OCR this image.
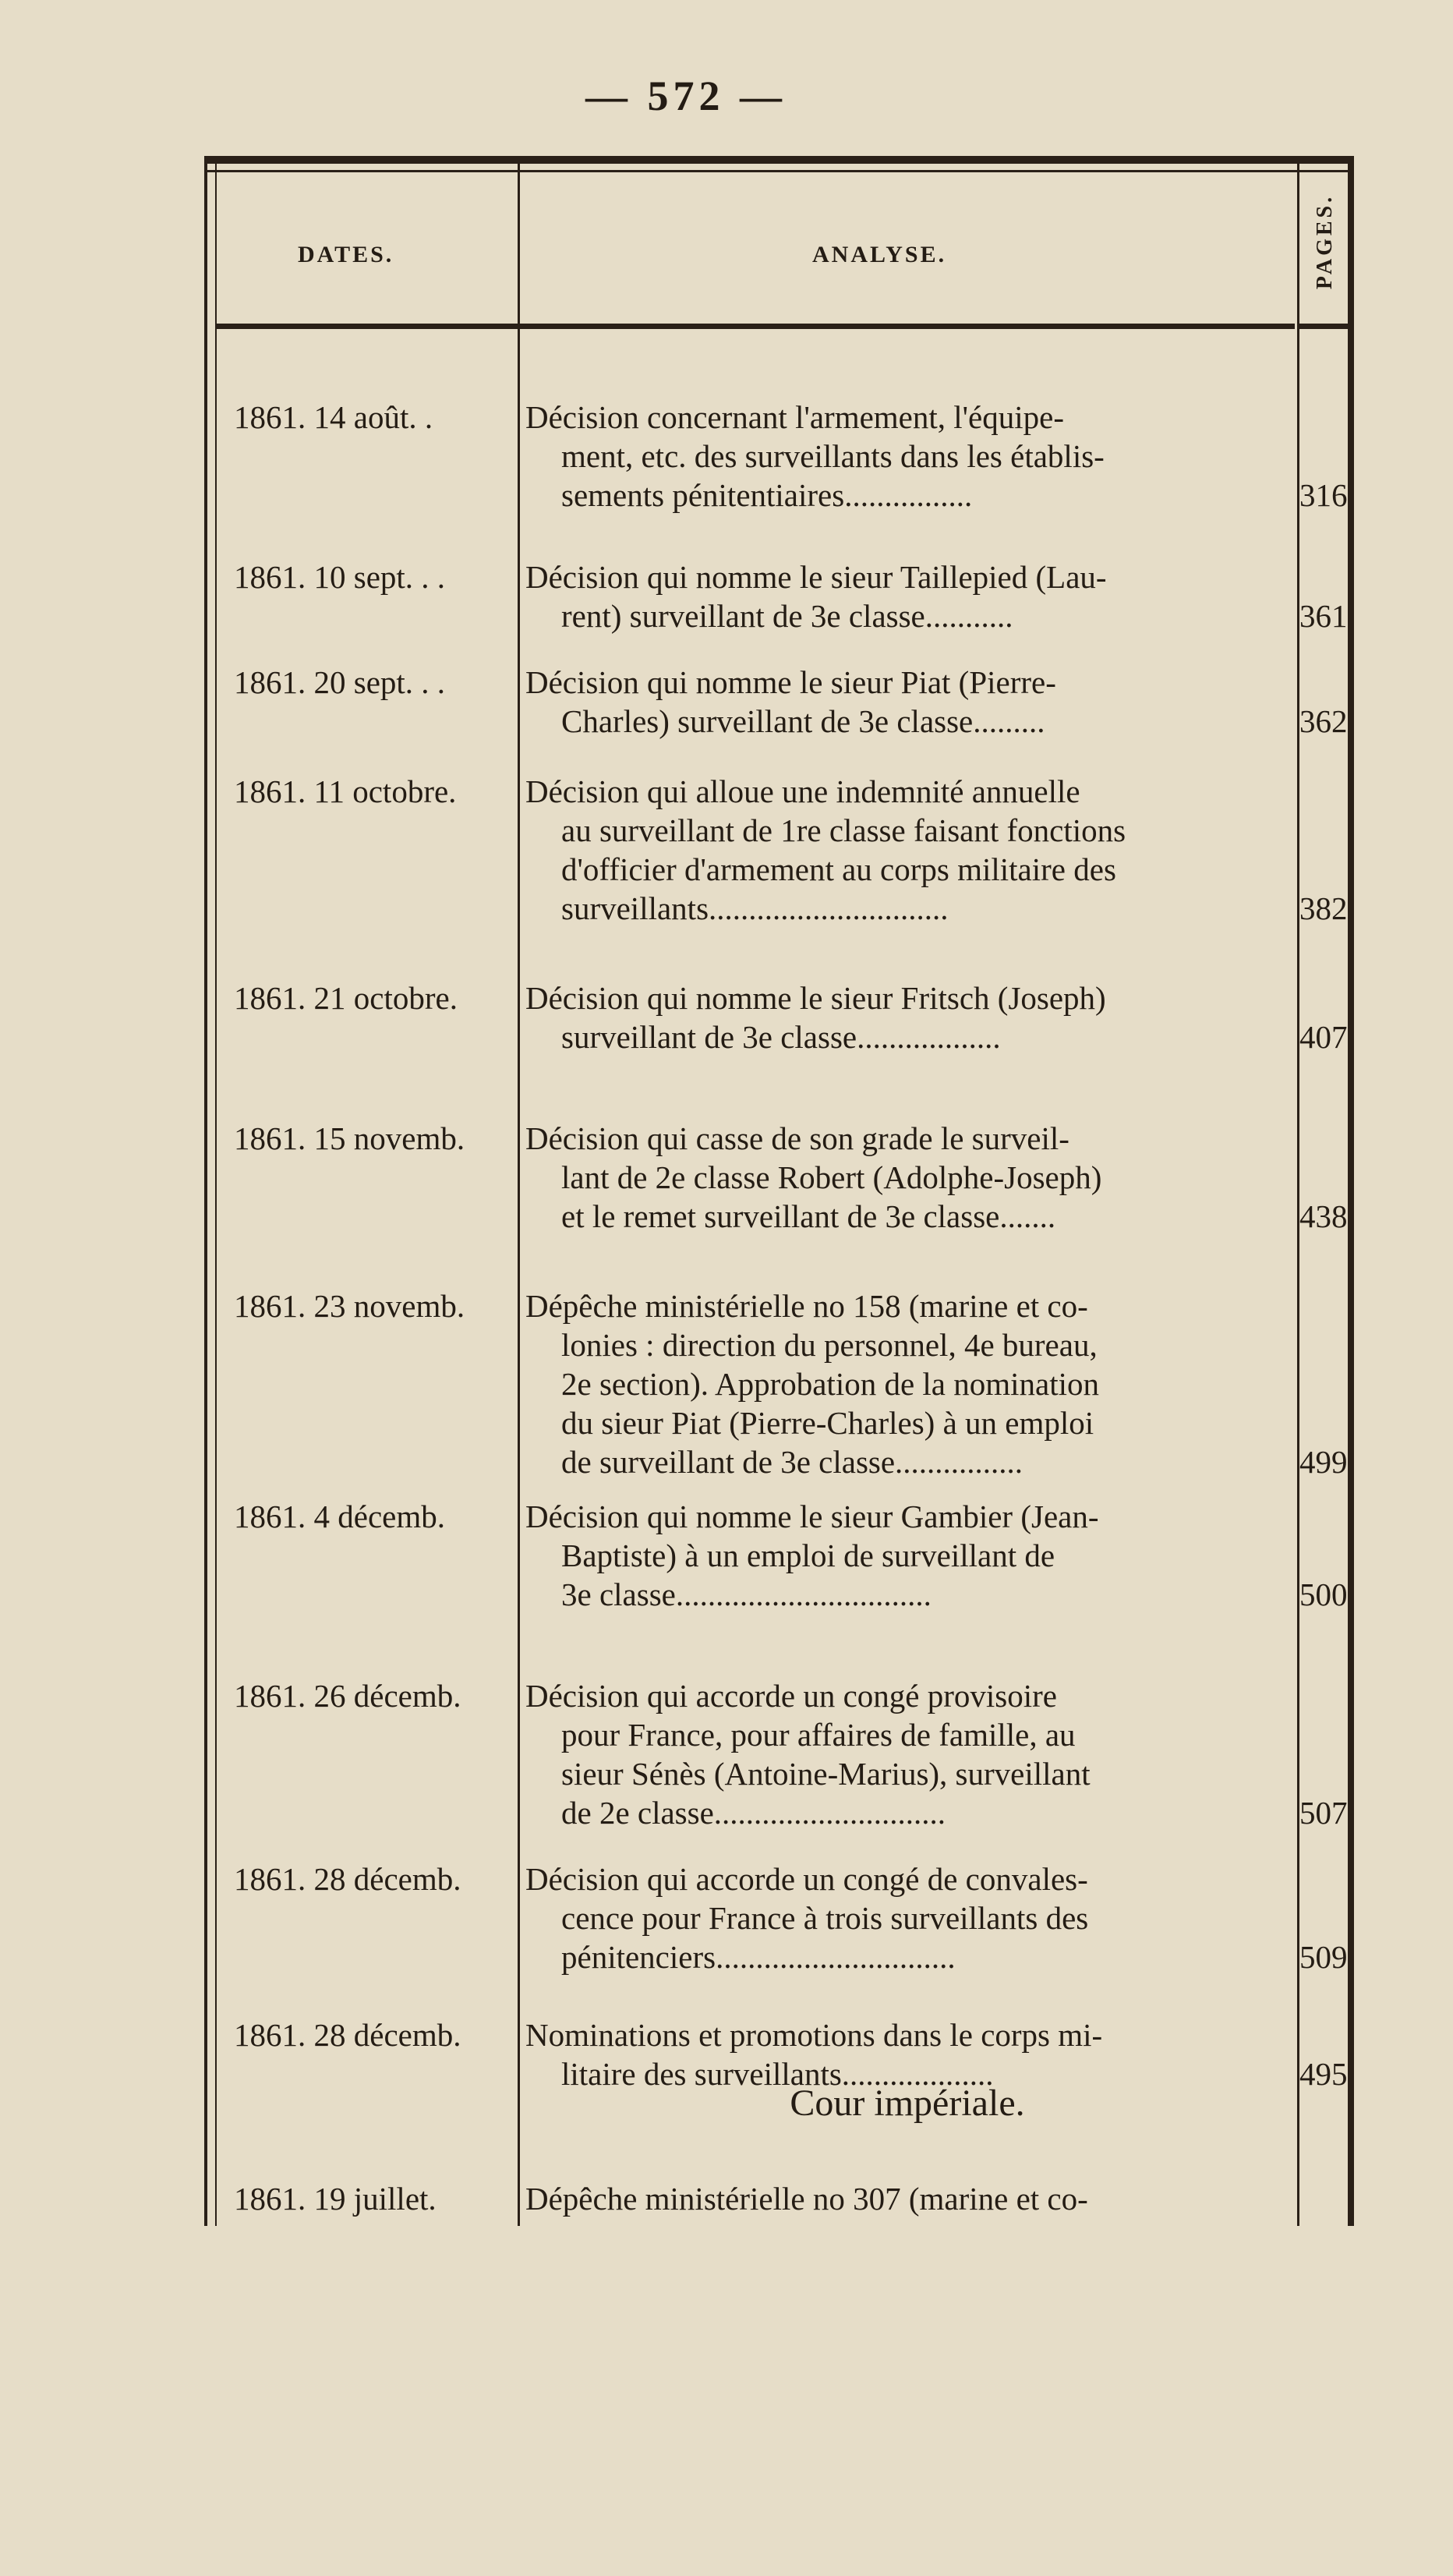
— 572 —
DATES.	ANALYSE.	PAGES.
1861. 14 août. .	Décision concernant l'armement, l'équipe-
ment, etc. des surveillants dans les établis-
sements pénitentiaires................	316
1861. 10 sept. . .	Décision qui nomme le sieur Taillepied (Lau-
rent) surveillant de 3e classe...........	361
1861. 20 sept. . .	Décision qui nomme le sieur Piat (Pierre-
Charles) surveillant de 3e classe.........	362
1861. 11 octobre. Décision qui alloue une indemnité annuelle
au surveillant de 1re classe faisant fonctions
d'officier d'armement au corps militaire des
surveillants..............................	382
1861. 21 octobre. Décision qui nomme le sieur Fritsch (Joseph)
surveillant de 3e classe..................	407
1861. 15 novemb. Décision qui casse de son grade le surveil-
lant de 2e classe Robert (Adolphe-Joseph)
et le remet surveillant de 3e classe.......	438
1861. 23 novemb. Dépêche ministérielle no 158 (marine et co-
lonies : direction du personnel, 4e bureau,
2e section). Approbation de la nomination
du sieur Piat (Pierre-Charles) à un emploi
de surveillant de 3e classe................	499
1861. 4 décemb.	Décision qui nomme le sieur Gambier (Jean-
Baptiste) à un emploi de surveillant de
3e classe................................	500
1861. 26 décemb. Décision qui accorde un congé provisoire
pour France, pour affaires de famille, au
sieur Sénès (Antoine-Marius), surveillant
de 2e classe.............................	507
1861. 28 décemb. Décision qui accorde un congé de convales-
cence pour France à trois surveillants des
pénitenciers..............................	509
1861. 28 décemb. Nominations et promotions dans le corps mi-
litaire des surveillants...................	495
1861. 19 juillet.	Dépêche ministérielle no 307 (marine et co-
Cour impériale.
